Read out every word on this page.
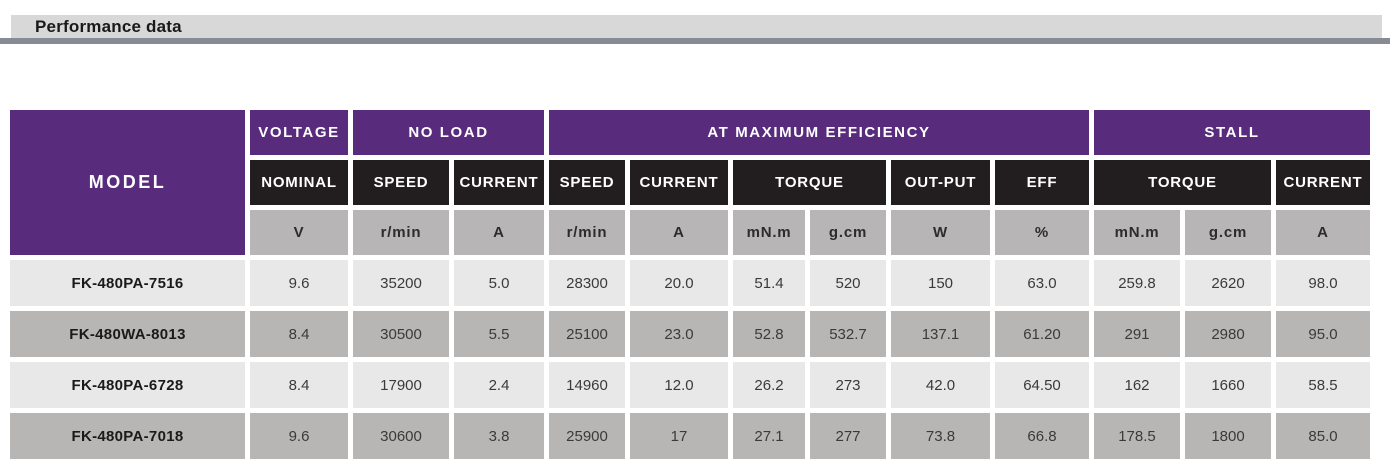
Performance data
MODEL	VOLTAGE	NO LOAD		AT MAXIMUM EFFICIENCY						STALL		
	NOMINAL	SPEED	CURRENT	SPEED	CURRENT	TORQUE		OUT-PUT	EFF	TORQUE		CURRENT
	V	r/min	A	r/min	A	mN.m	g.cm	W	%	mN.m	g.cm	A
FK-480PA-7516	9.6	35200	5.0	28300	20.0	51.4	520	150	63.0	259.8	2620	98.0
FK-480WA-8013	8.4	30500	5.5	25100	23.0	52.8	532.7	137.1	61.20	291	2980	95.0
FK-480PA-6728	8.4	17900	2.4	14960	12.0	26.2	273	42.0	64.50	162	1660	58.5
FK-480PA-7018	9.6	30600	3.8	25900	17	27.1	277	73.8	66.8	178.5	1800	85.0
